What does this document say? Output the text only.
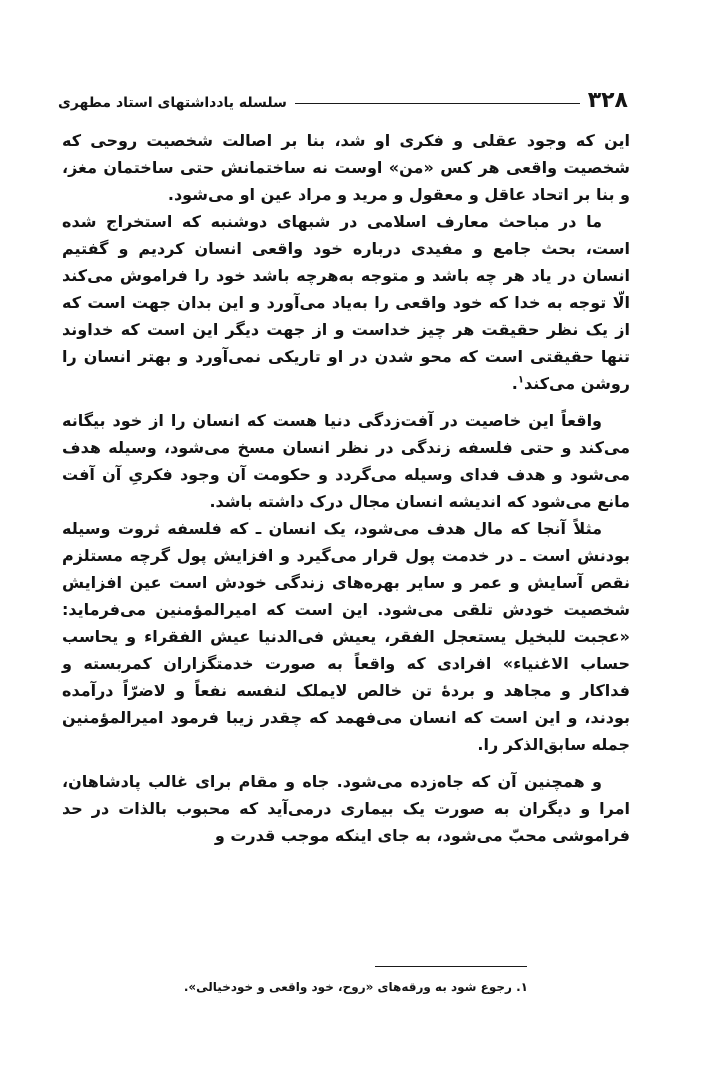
۳۲۸
سلسله یادداشتهای استاد مطهری

این که وجود عقلی و فکری او شد، بنا بر اصالت شخصیت روحی که شخصیت واقعی هر کس «من» اوست نه ساختمانش حتی ساختمان مغز، و بنا بر اتحاد عاقل و معقول و مرید و مراد عین او می‌شود.

ما در مباحث معارف اسلامی در شبهای دوشنبه که استخراج شده است، بحث جامع و مفیدی درباره خود واقعی انسان کردیم و گفتیم انسان در یاد هر چه باشد و متوجه به‌هرچه باشد خود را فراموش می‌کند الّا توجه به خدا که خود واقعی را به‌یاد می‌آورد و این بدان جهت است که از یک نظر حقیقت هر چیز خداست و از جهت دیگر این است که خداوند تنها حقیقتی است که محو شدن در او تاریکی نمی‌آورد و بهتر انسان را روشن می‌کند$^۱$.

واقعاً این خاصیت در آفت‌زدگی دنیا هست که انسان را از خود بیگانه می‌کند و حتی فلسفه زندگی در نظر انسان مسخ می‌شود، وسیله هدف می‌شود و هدف فدای وسیله می‌گردد و حکومت آن وجود فکریِ آن آفت مانع می‌شود که اندیشه انسان مجال درک داشته باشد.

مثلاً آنجا که مال هدف می‌شود، یک انسان ـ که فلسفه ثروت وسیله بودنش است ـ در خدمت پول قرار می‌گیرد و افزایش پول گرچه مستلزم نقص آسایش و عمر و سایر بهره‌های زندگی خودش است عین افزایش شخصیت خودش تلقی می‌شود. این است که امیرالمؤمنین می‌فرماید: «عجبت للبخیل یستعجل الفقر، یعیش فی‌الدنیا عیش الفقراء و یحاسب حساب الاغنیاء» افرادی که واقعاً به صورت خدمتگزاران کمربسته و فداکار و مجاهد و بردهٔ تن خالص لایملک لنفسه نفعاً و لاضرّاً درآمده بودند، و این است که انسان می‌فهمد که چقدر زیبا فرمود امیرالمؤمنین جمله سابق‌الذکر را.

و همچنین آن که جاه‌زده می‌شود. جاه و مقام برای غالب پادشاهان، امرا و دیگران به صورت یک بیماری درمی‌آید که محبوب بالذات در حد فراموشی محبّ می‌شود، به جای اینکه موجب قدرت و

۱. رجوع شود به ورقه‌های «روح، خود واقعی و خودخیالی».
